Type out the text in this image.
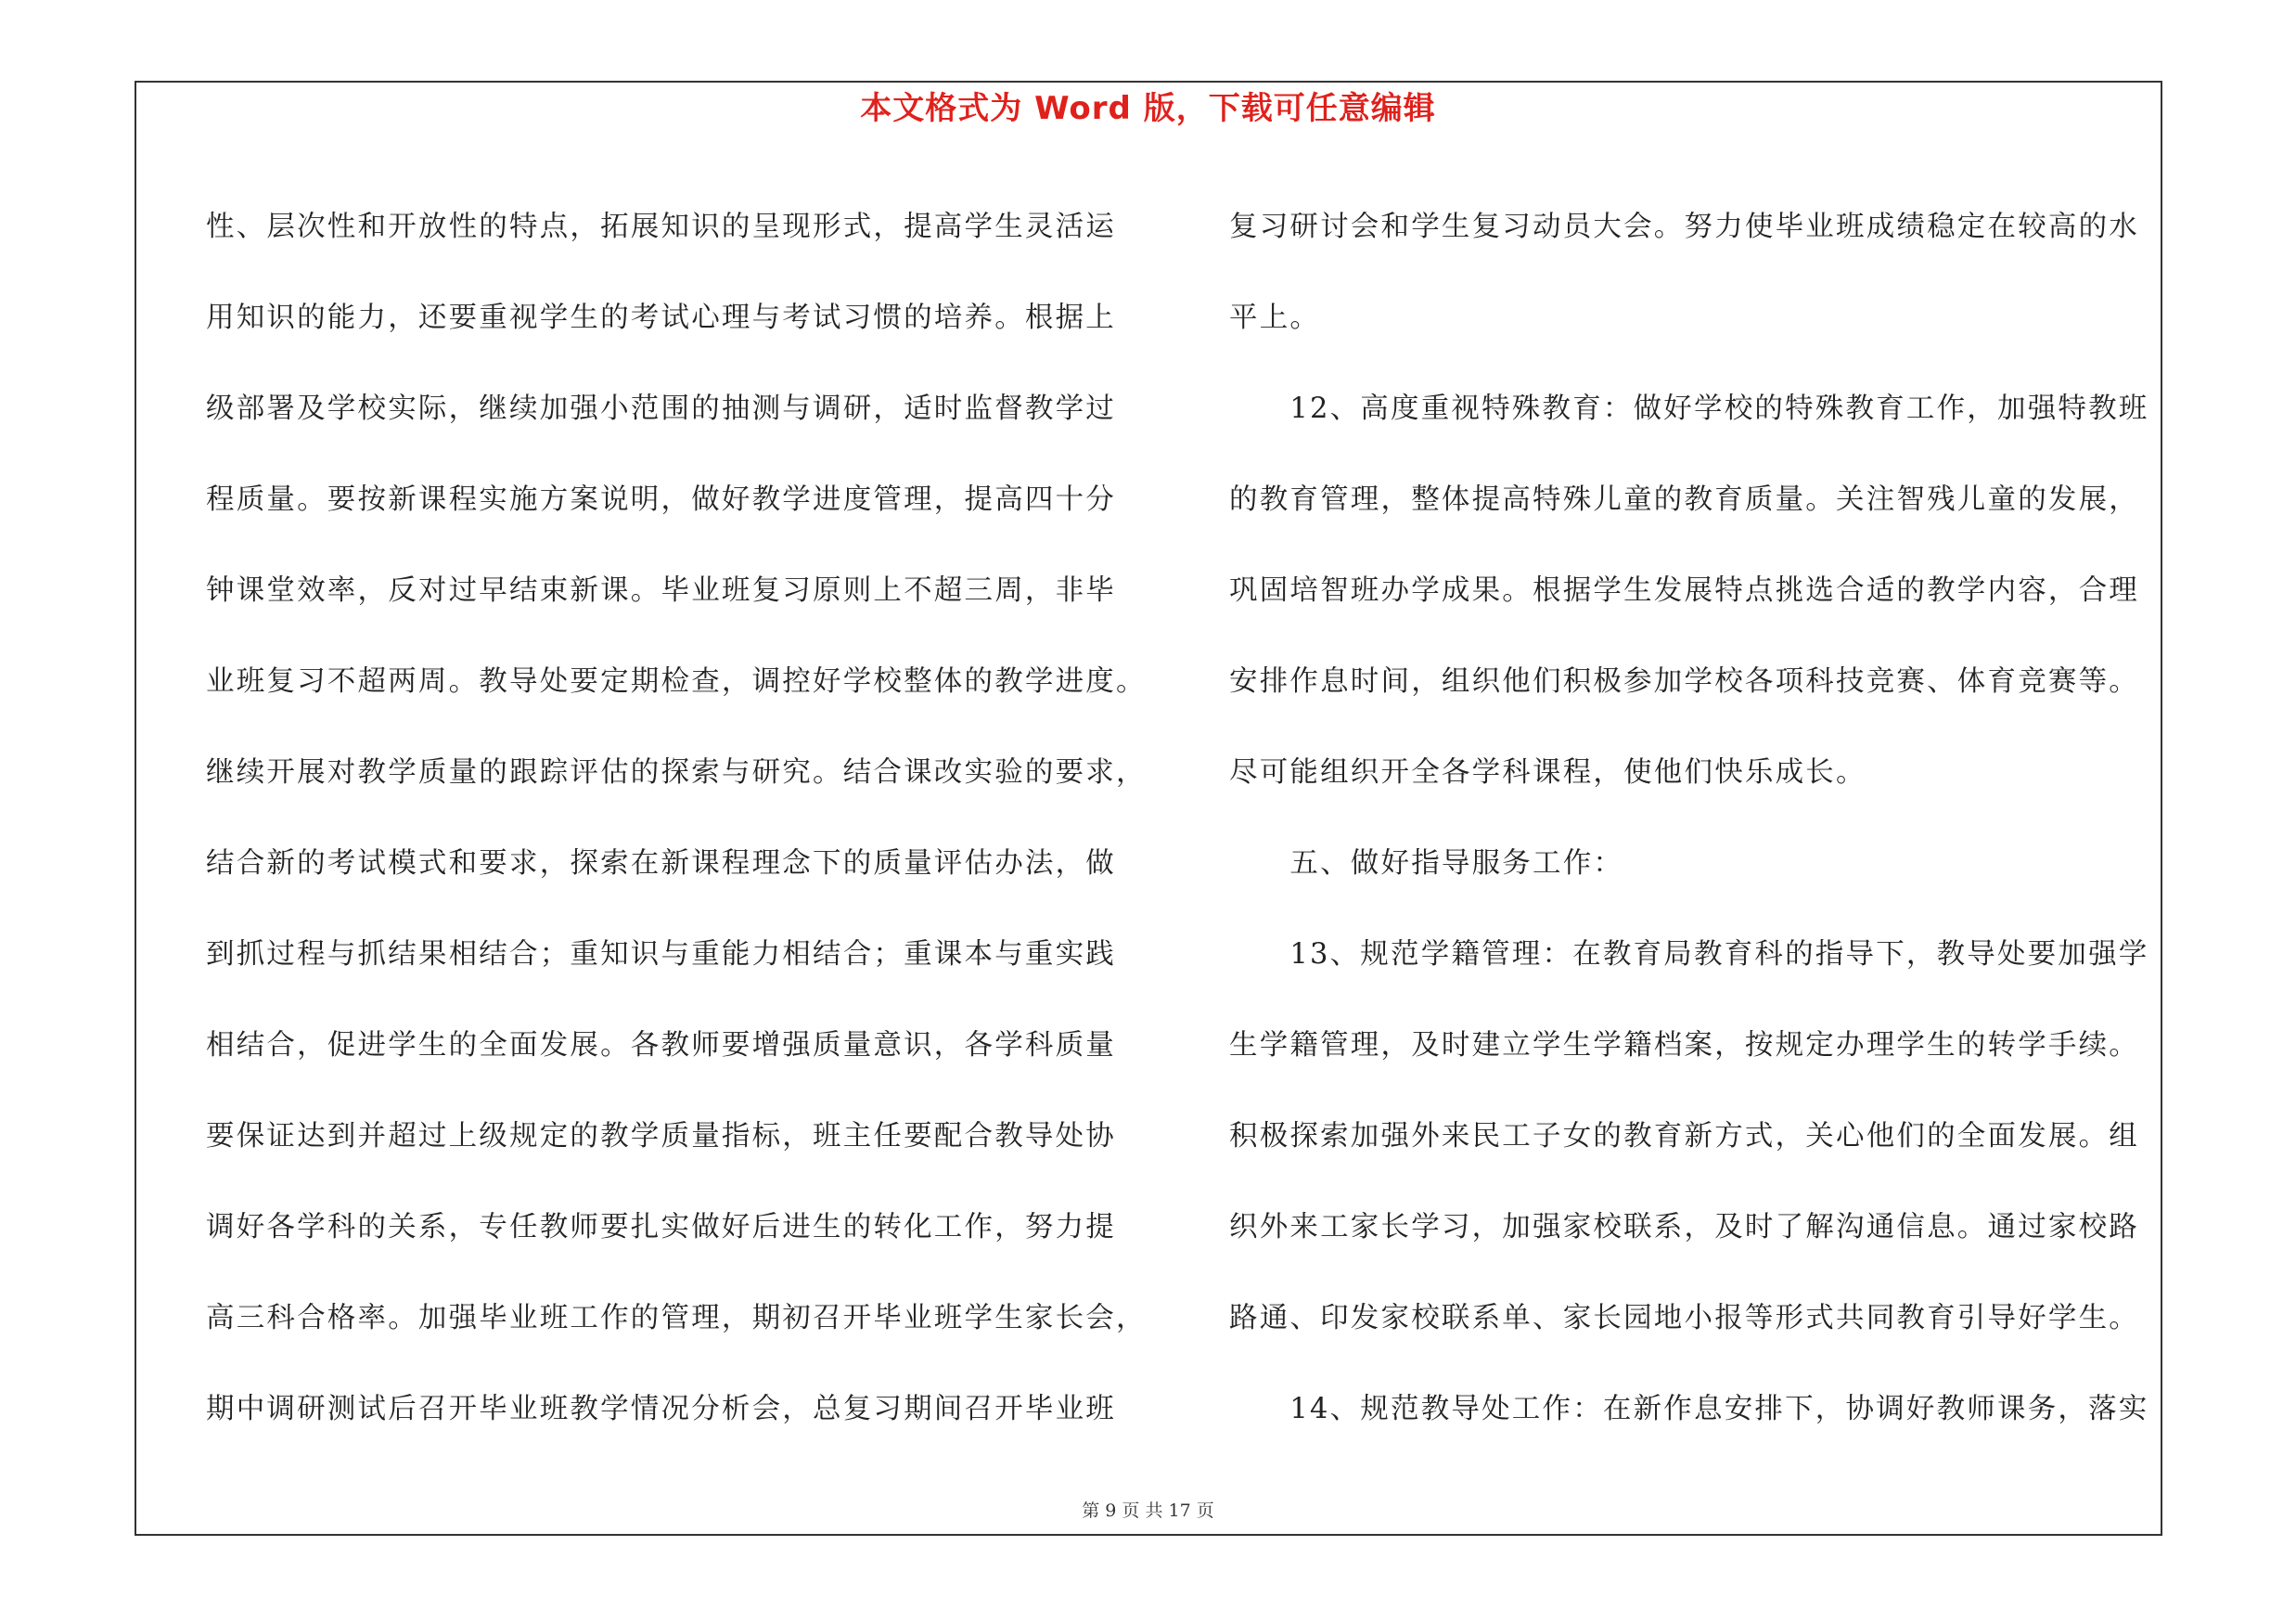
本文格式为 Word 版，下载可任意编辑
性、层次性和开放性的特点，拓展知识的呈现形式，提高学生灵活运
用知识的能力，还要重视学生的考试心理与考试习惯的培养。根据上
级部署及学校实际，继续加强小范围的抽测与调研，适时监督教学过
程质量。要按新课程实施方案说明，做好教学进度管理，提高四十分
钟课堂效率，反对过早结束新课。毕业班复习原则上不超三周，非毕
业班复习不超两周。教导处要定期检查，调控好学校整体的教学进度。
继续开展对教学质量的跟踪评估的探索与研究。结合课改实验的要求，
结合新的考试模式和要求，探索在新课程理念下的质量评估办法，做
到抓过程与抓结果相结合；重知识与重能力相结合；重课本与重实践
相结合，促进学生的全面发展。各教师要增强质量意识，各学科质量
要保证达到并超过上级规定的教学质量指标，班主任要配合教导处协
调好各学科的关系，专任教师要扎实做好后进生的转化工作，努力提
高三科合格率。加强毕业班工作的管理，期初召开毕业班学生家长会，
期中调研测试后召开毕业班教学情况分析会，总复习期间召开毕业班
复习研讨会和学生复习动员大会。努力使毕业班成绩稳定在较高的水
平上。
　　12、高度重视特殊教育：做好学校的特殊教育工作，加强特教班
的教育管理，整体提高特殊儿童的教育质量。关注智残儿童的发展，
巩固培智班办学成果。根据学生发展特点挑选合适的教学内容，合理
安排作息时间，组织他们积极参加学校各项科技竞赛、体育竞赛等。
尽可能组织开全各学科课程，使他们快乐成长。
　　五、做好指导服务工作：
　　13、规范学籍管理：在教育局教育科的指导下，教导处要加强学
生学籍管理，及时建立学生学籍档案，按规定办理学生的转学手续。
积极探索加强外来民工子女的教育新方式，关心他们的全面发展。组
织外来工家长学习，加强家校联系，及时了解沟通信息。通过家校路
路通、印发家校联系单、家长园地小报等形式共同教育引导好学生。
　　14、规范教导处工作：在新作息安排下，协调好教师课务，落实
第 9 页 共 17 页
